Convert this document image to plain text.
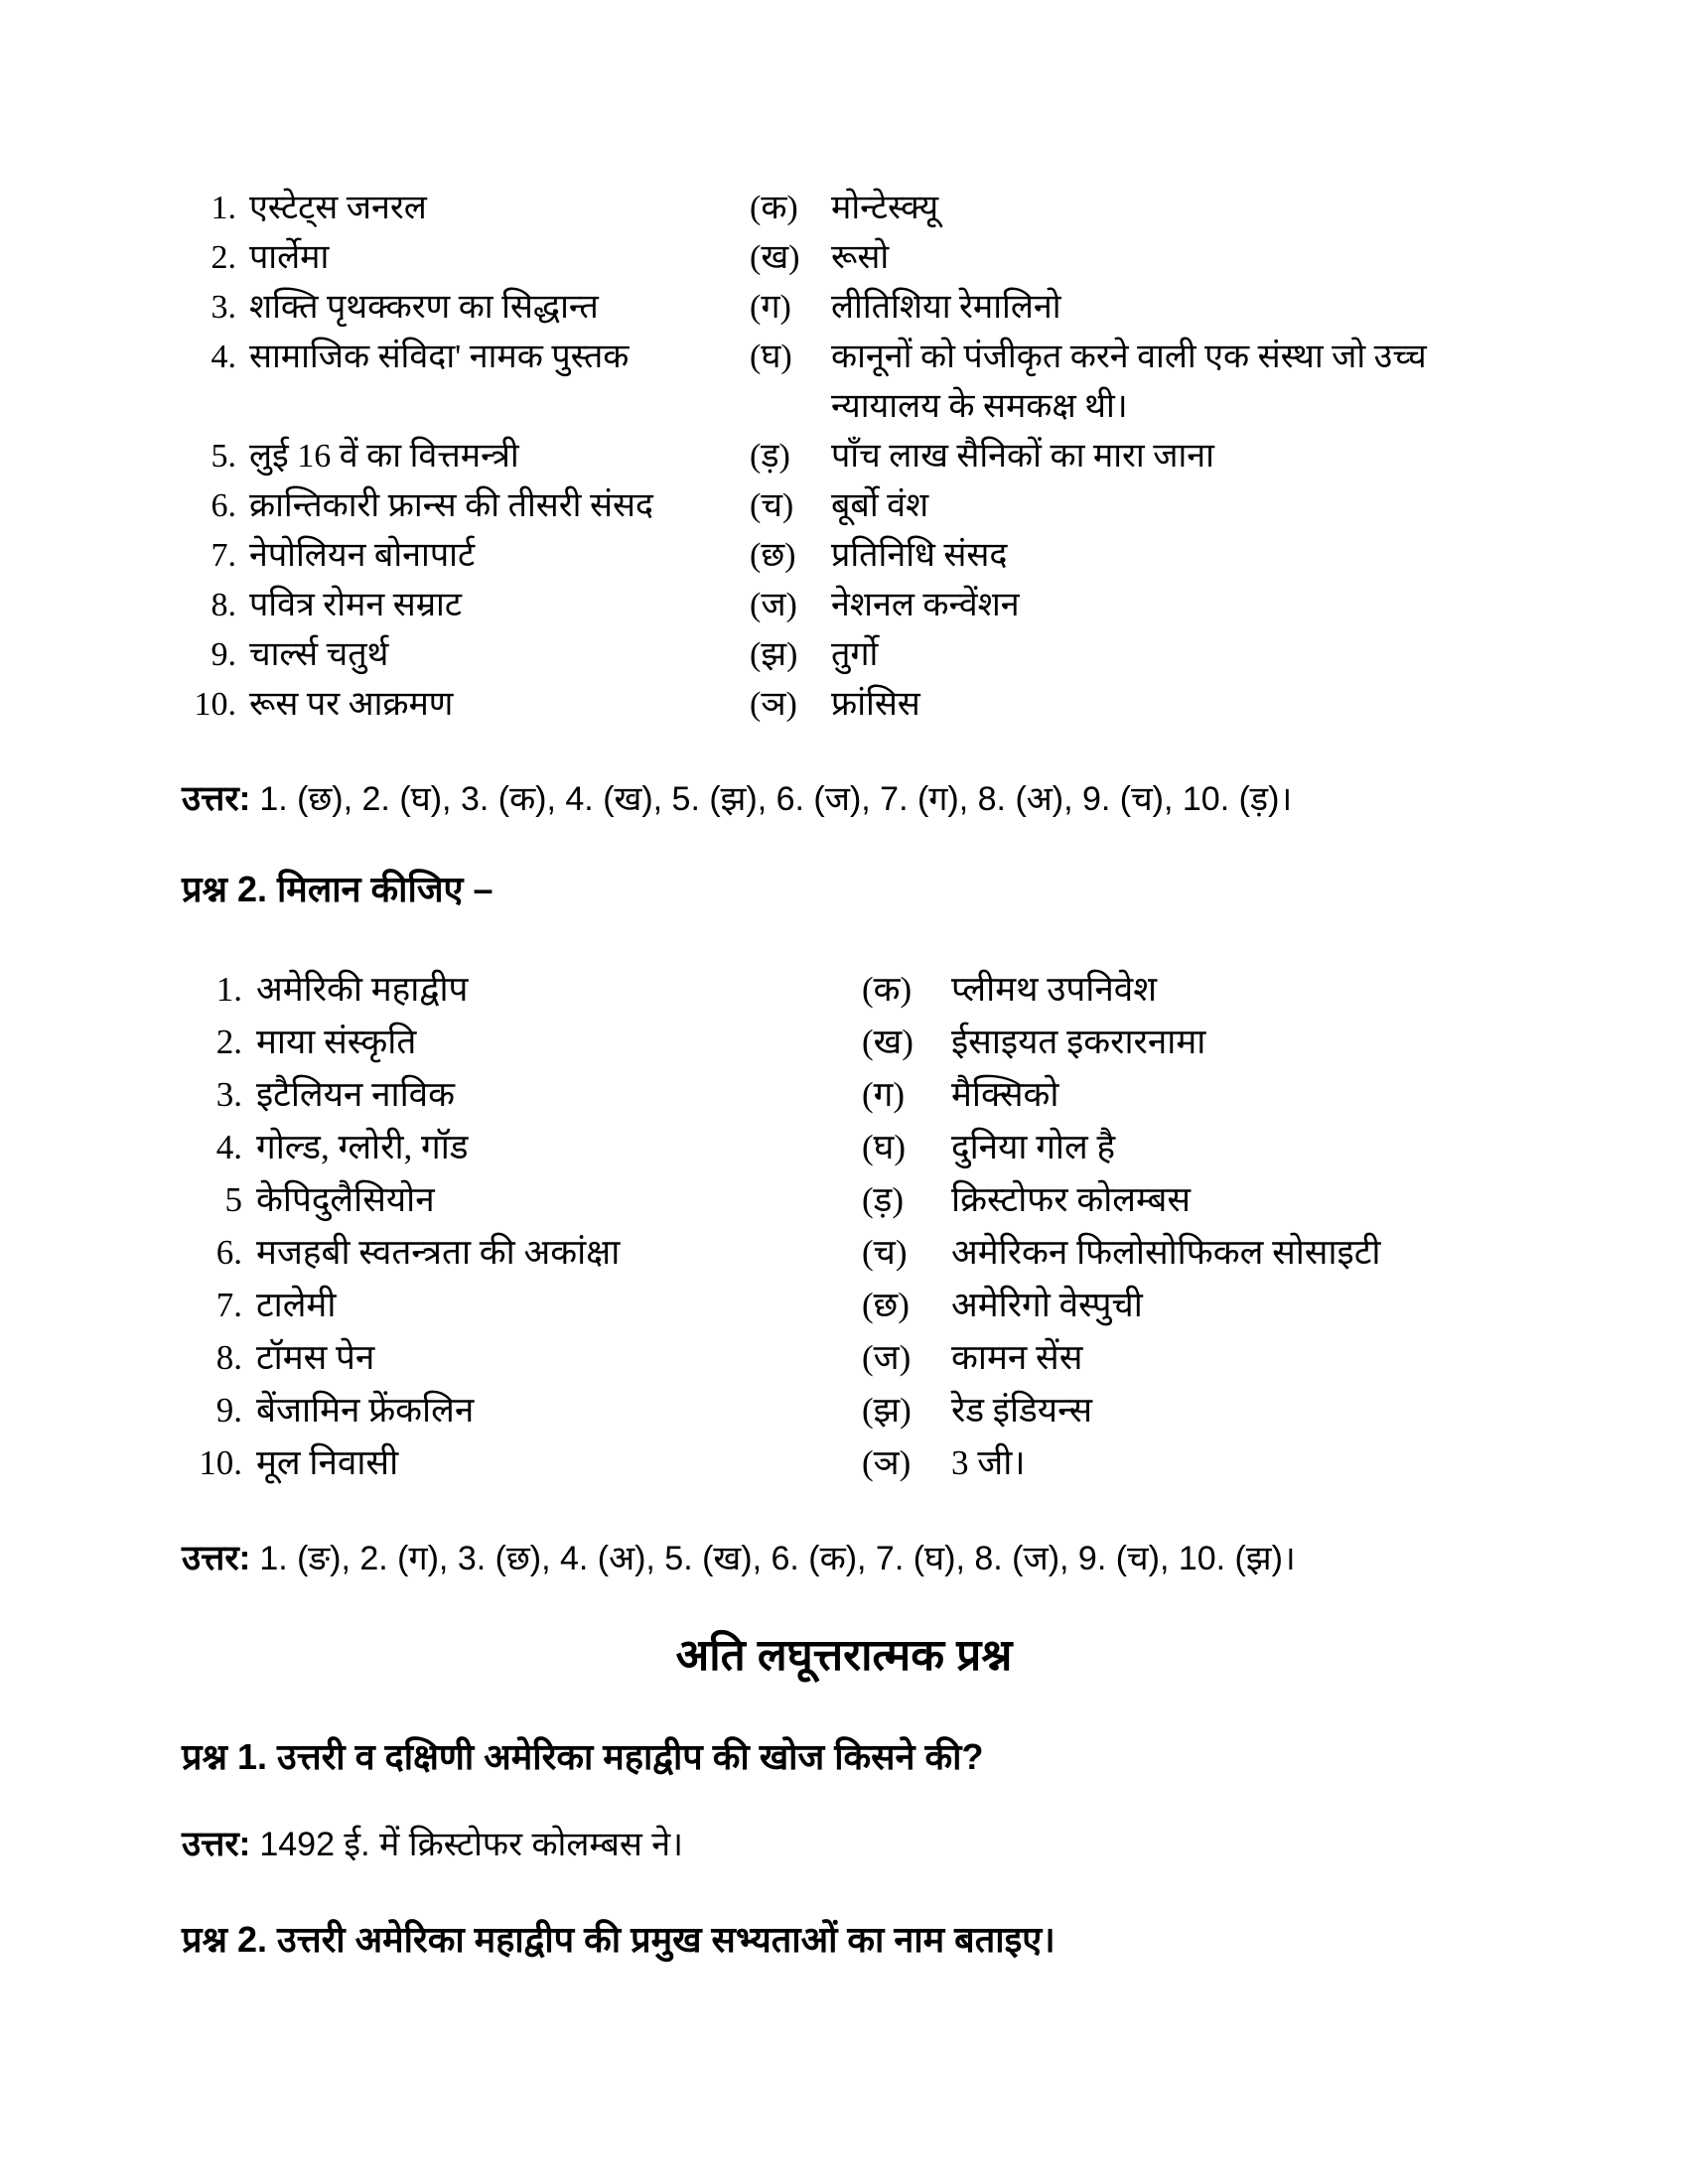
1. एस्टेट्स जनरल	(क) मोन्टेस्क्यू
2. पार्लेमा	(ख) रूसो
3. शक्ति पृथक्करण का सिद्धान्त	(ग)	लीतिशिया रेमालिनो
4. सामाजिक संविदा' नामक पुस्तक	(घ)	कानूनों को पंजीकृत करने वाली एक संस्था जो उच्च न्यायालय के समकक्ष थी।
5. लुई 16 वें का वित्तमन्त्री	(ड़)	पाँच लाख सैनिकों का मारा जाना
6. क्रान्तिकारी फ्रान्स की तीसरी संसद	(च)	बूर्बो वंश
7. नेपोलियन बोनापार्ट	(छ)	प्रतिनिधि संसद
8. पवित्र रोमन सम्राट	(ज)	नेशनल कन्वेंशन
9. चार्ल्स चतुर्थ	(झ) तुर्गो
10. रूस पर आक्रमण	(ञ)	फ्रांसिस

उत्तर: 1. (छ), 2. (घ), 3. (क), 4. (ख), 5. (झ), 6. (ज), 7. (ग), 8. (अ), 9. (च), 10. (ड़)।

प्रश्न 2. मिलान कीजिए –
1. अमेरिकी महाद्वीप	(क)	प्लीमथ उपनिवेश
2. माया संस्कृति	(ख)	ईसाइयत इकरारनामा
3. इटैलियन नाविक	(ग)	मैक्सिको
4. गोल्ड, ग्लोरी, गॉड	(घ)	दुनिया गोल है
5 केपिदुलैसियोन	(ड़)	क्रिस्टोफर कोलम्बस
6. मजहबी स्वतन्त्रता की अकांक्षा	(च)	अमेरिकन फिलोसोफिकल सोसाइटी
7. टालेमी	(छ)	अमेरिगो वेस्पुची
8. टॉमस पेन	(ज)	कामन सेंस
9. बेंजामिन फ्रेंकलिन	(झ)	रेड इंडियन्स
10. मूल निवासी	(ञ)	3 जी।

उत्तर: 1. (ङ), 2. (ग), 3. (छ), 4. (अ), 5. (ख), 6. (क), 7. (घ), 8. (ज), 9. (च), 10. (झ)।

अति लघूत्तरात्मक प्रश्न

प्रश्न 1. उत्तरी व दक्षिणी अमेरिका महाद्वीप की खोज किसने की?

उत्तर: 1492 ई. में क्रिस्टोफर कोलम्बस ने।

प्रश्न 2. उत्तरी अमेरिका महाद्वीप की प्रमुख सभ्यताओं का नाम बताइए।
